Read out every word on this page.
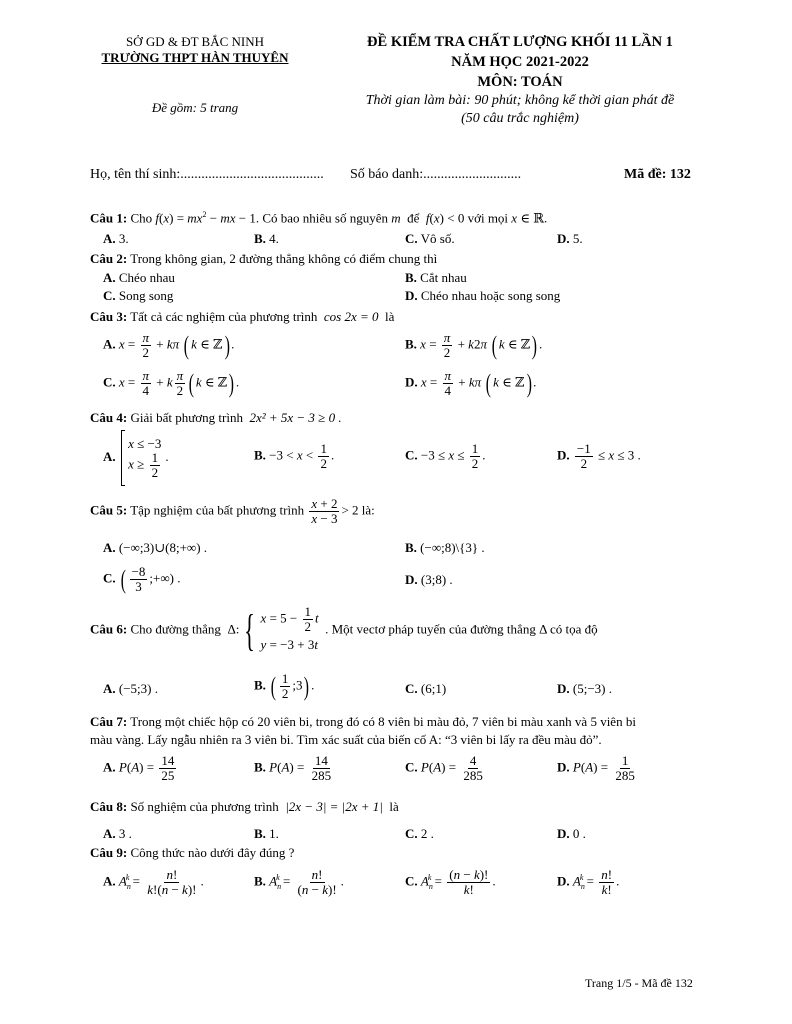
SỞ GD & ĐT BẮC NINH
TRƯỜNG THPT HÀN THUYÊN
Đề gồm: 5 trang
ĐỀ KIỂM TRA CHẤT LƯỢNG KHỐI 11 LẦN 1
NĂM HỌC 2021-2022
MÔN: TOÁN
Thời gian làm bài: 90 phút; không kể thời gian phát đề
(50 câu trắc nghiệm)
Họ, tên thí sinh:......................................... Số báo danh:............................	Mã đề: 132
Câu 1: Cho $f(x) = mx^2$ − mx − 1. Có bao nhiêu số nguyên m để f(x) < 0 với mọi x ∈ ℝ.
A. 3.	B. 4.	C. Vô số.	D. 5.
Câu 2: Trong không gian, 2 đường thẳng không có điểm chung thì
A. Chéo nhau	B. Cắt nhau
C. Song song	D. Chéo nhau hoặc song song
Câu 3: Tất cả các nghiệm của phương trình cos 2x = 0 là
A. $x = \frac{\pi}{2} + k\pi$ ( k ∈ ℤ) .	B. $x = \frac{\pi}{2} + k2\pi$ ( k ∈ ℤ) .
C. $x = \frac{\pi}{4} + k \frac{\pi}{2}$ ( k ∈ ℤ) .	D. $x = \frac{\pi}{4} + k\pi$ ( k ∈ ℤ) .
Câu 4: Giải bất phương trình 2x² + 5x − 3 ≥ 0 .
A.  x ≤ −3
$x \ge \frac{1}{2}$ .	B. $-3 < x < \frac{1}{2}$ .	C. $-3 \le x \le \frac{1}{2}$ .	D. $\frac{-1}{2} \le x \le 3$ .
Câu 5: Tập nghiệm của bất phương trình $\frac{x + 2}{x - 3} > 2$ là:
A. (−∞;3)∪(8;+∞) .	B. (−∞;8)\{3} .
C. ( $\frac{-8}{3}$ ;+∞) .	D. (3;8) .
Câu 6: Cho đường thẳng  Δ: { $x = 5 - \frac{1}{2}$ t
y = −3 + 3t  . Một vectơ pháp tuyến của đường thẳng Δ có tọa độ
A. (−5;3) .	B. ( $\frac{1}{2}$ ;3) .	C. (6;1)	D. (5;−3) .
Câu 7: Trong một chiếc hộp có 20 viên bi, trong đó có 8 viên bi màu đỏ, 7 viên bi màu xanh và 5 viên bi
màu vàng. Lấy ngẫu nhiên ra 3 viên bi. Tìm xác suất của biến cố A: “3 viên bi lấy ra đều màu đỏ”.
A. $P(A) = \frac{14}{25}$	B. $P(A) = \frac{14}{285}$	C. $P(A) = \frac{4}{285}$	D. $P(A) = \frac{1}{285}$
Câu 8: Số nghiệm của phương trình |2x − 3| = |2x + 1| là
A. 3 .	B. 1.	C. 2 .	D. 0 .
Câu 9: Công thức nào dưới đây đúng ?
A. $A_n^k = \frac{n!}{k!(n - k)!}$ .	B. $A_n^k = \frac{n!}{(n - k)!}$ .	C. $A_n^k = \frac{(n - k)!}{k!}$ .	D. $A_n^k = \frac{n!}{k!}$ .
Trang 1/5 - Mã đề 132
